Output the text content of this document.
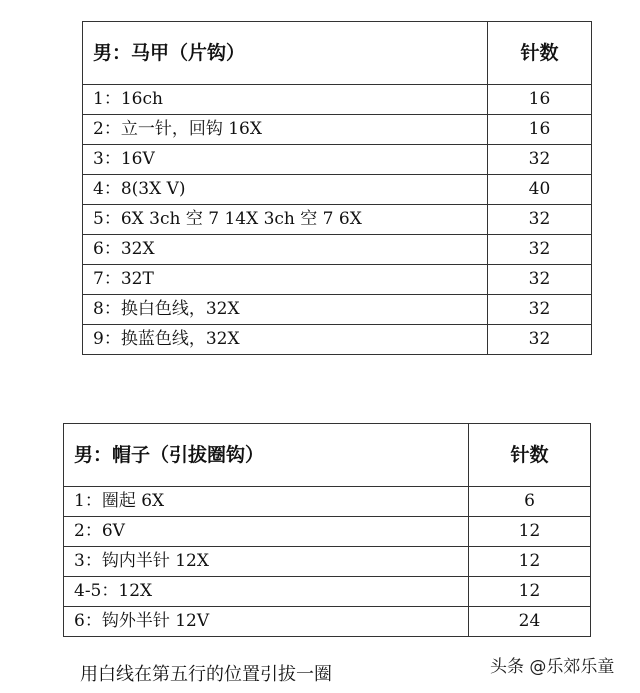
男：马甲（片钩）	针数
1：16ch	16
2：立一针，回钩 16X	16
3：16V	32
4：8(3X V)	40
5：6X 3ch 空 7 14X 3ch 空 7 6X	32
6：32X	32
7：32T	32
8：换白色线，32X	32
9：换蓝色线，32X	32
男：帽子（引拔圈钩）	针数
1：圈起 6X	6
2：6V	12
3：钩内半针 12X	12
4-5：12X	12
6：钩外半针 12V	24
用白线在第五行的位置引拔一圈	头条 @乐郊乐童
